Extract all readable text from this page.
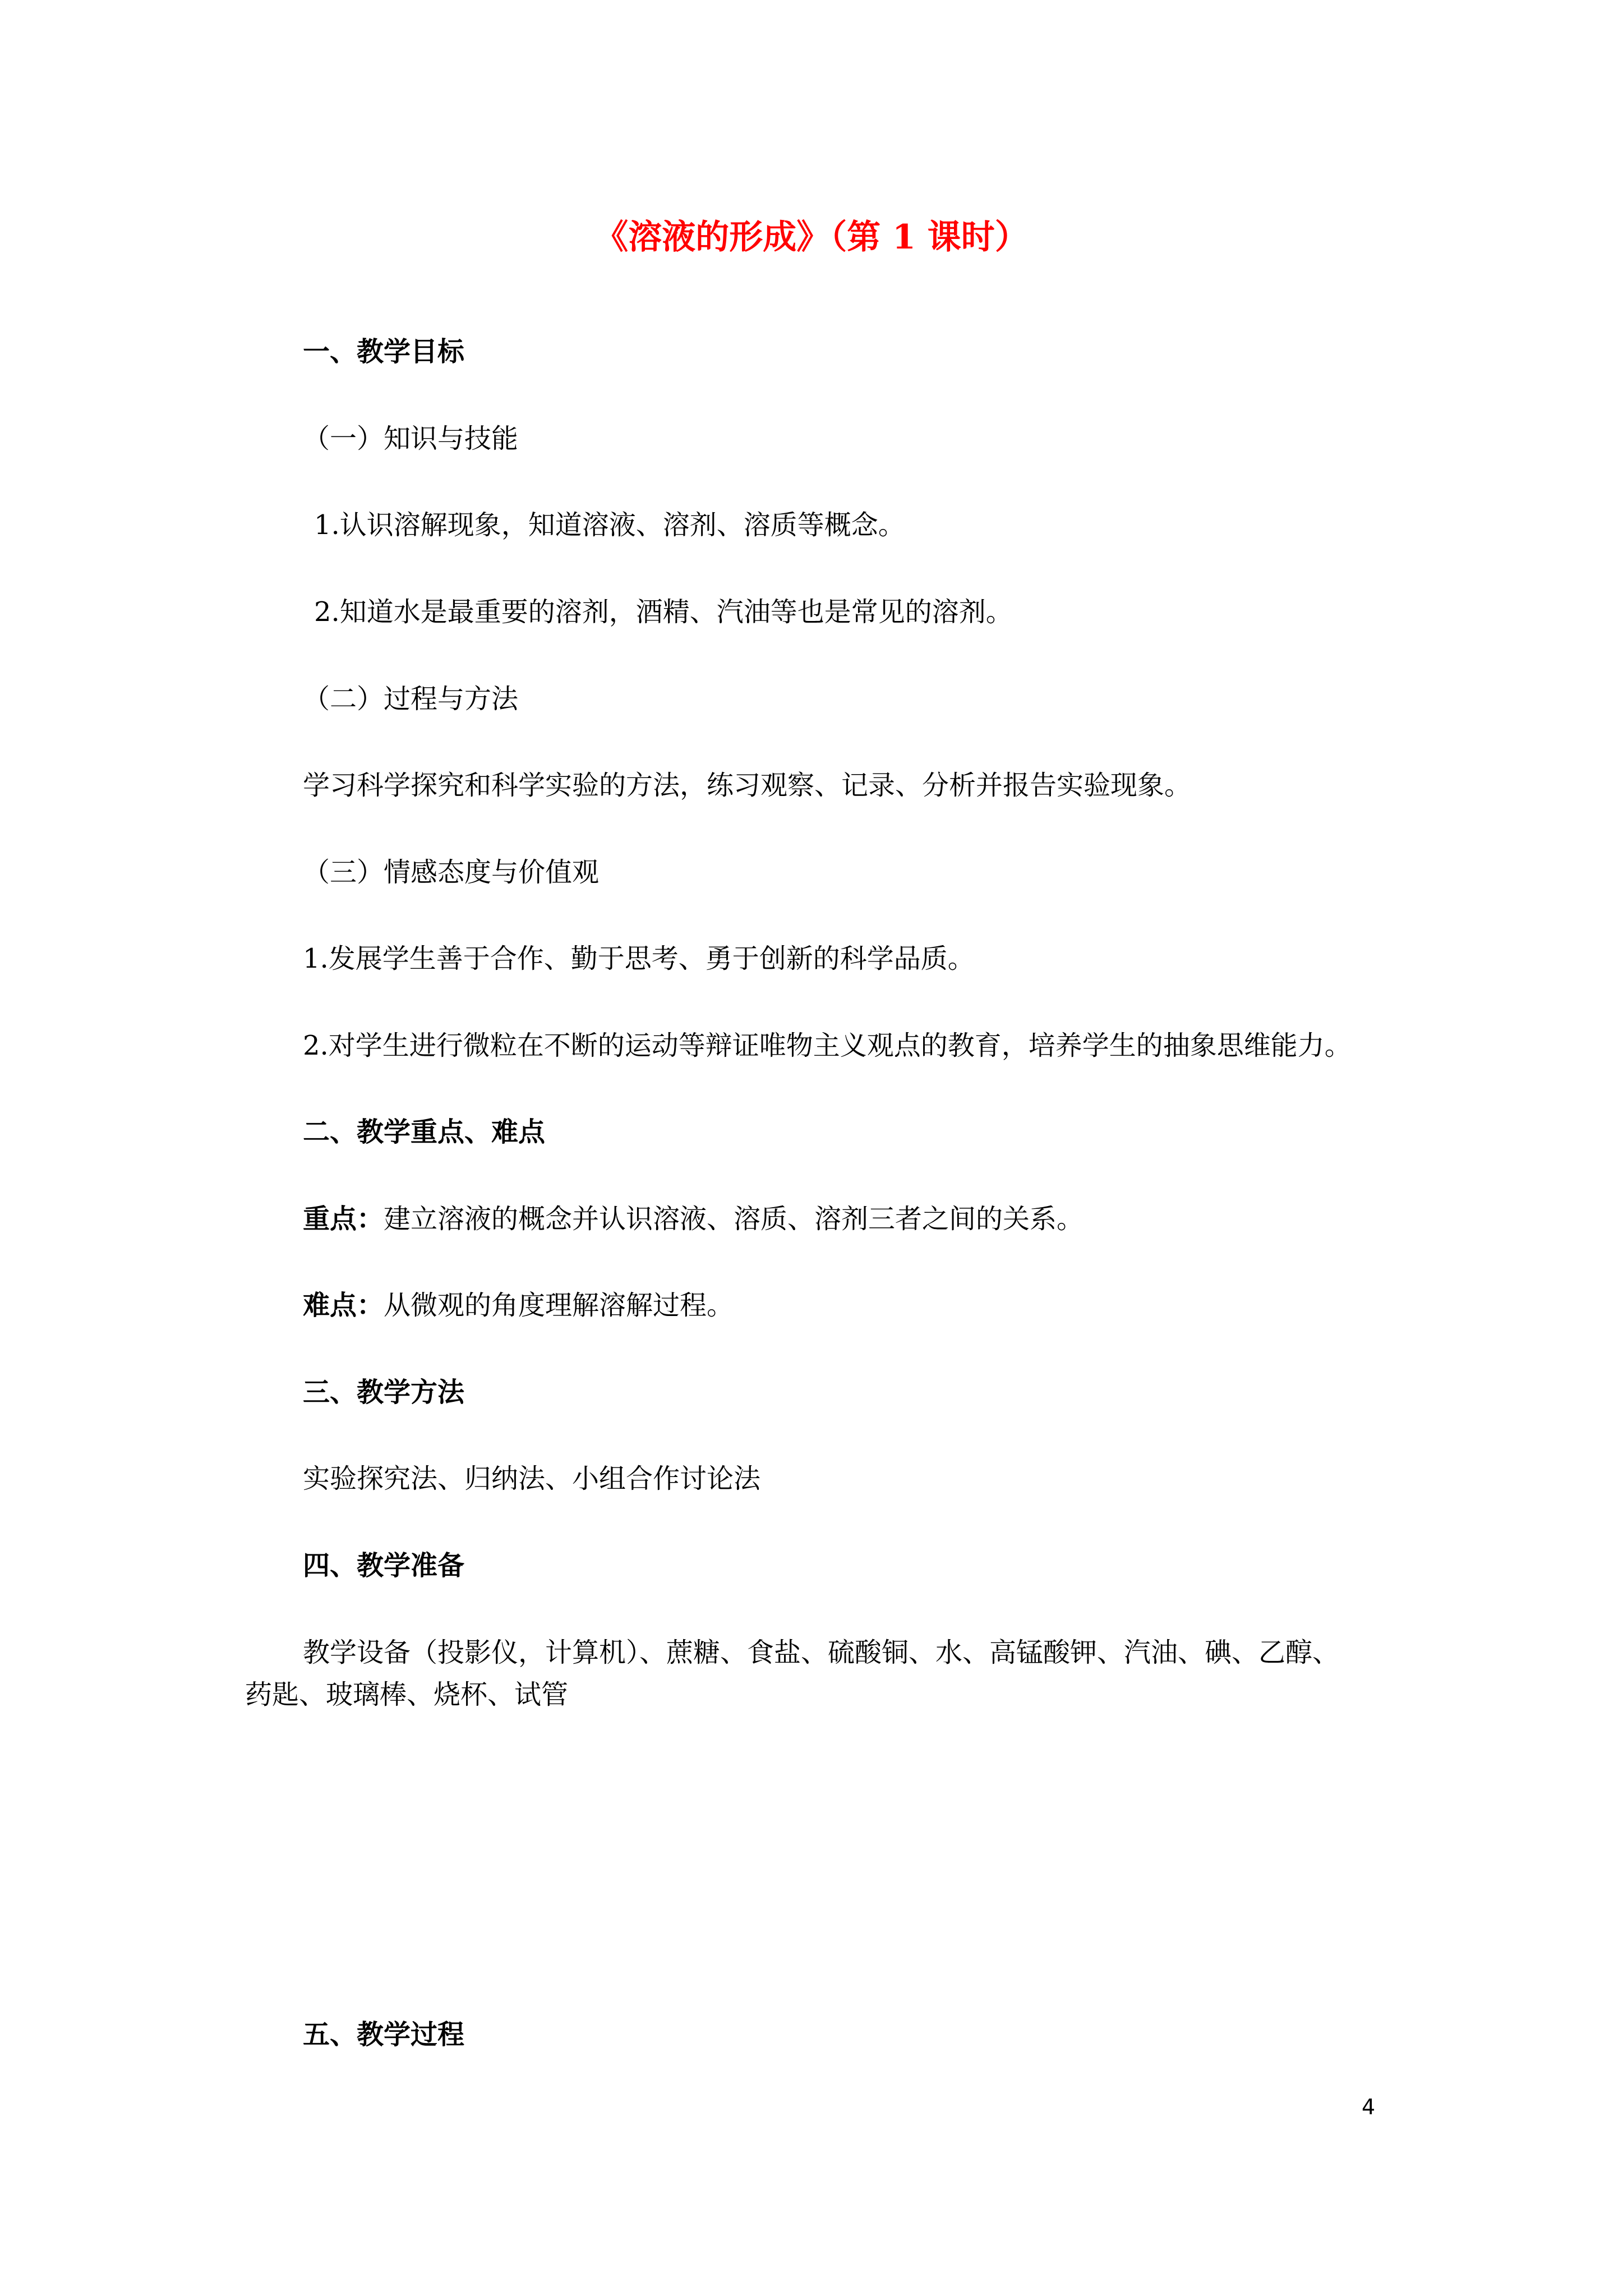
《溶液的形成》（第 1 课时）
一、教学目标
（一）知识与技能
1.认识溶解现象，知道溶液、溶剂、溶质等概念。
2.知道水是最重要的溶剂，酒精、汽油等也是常见的溶剂。
（二）过程与方法
学习科学探究和科学实验的方法，练习观察、记录、分析并报告实验现象。
（三）情感态度与价值观
1.发展学生善于合作、勤于思考、勇于创新的科学品质。
2.对学生进行微粒在不断的运动等辩证唯物主义观点的教育，培养学生的抽象思维能力。
二、教学重点、难点
重点：建立溶液的概念并认识溶液、溶质、溶剂三者之间的关系。
难点：从微观的角度理解溶解过程。
三、教学方法
实验探究法、归纳法、小组合作讨论法
四、教学准备
教学设备（投影仪，计算机）、蔗糖、食盐、硫酸铜、水、高锰酸钾、汽油、碘、乙醇、
药匙、玻璃棒、烧杯、试管
五、教学过程
4
